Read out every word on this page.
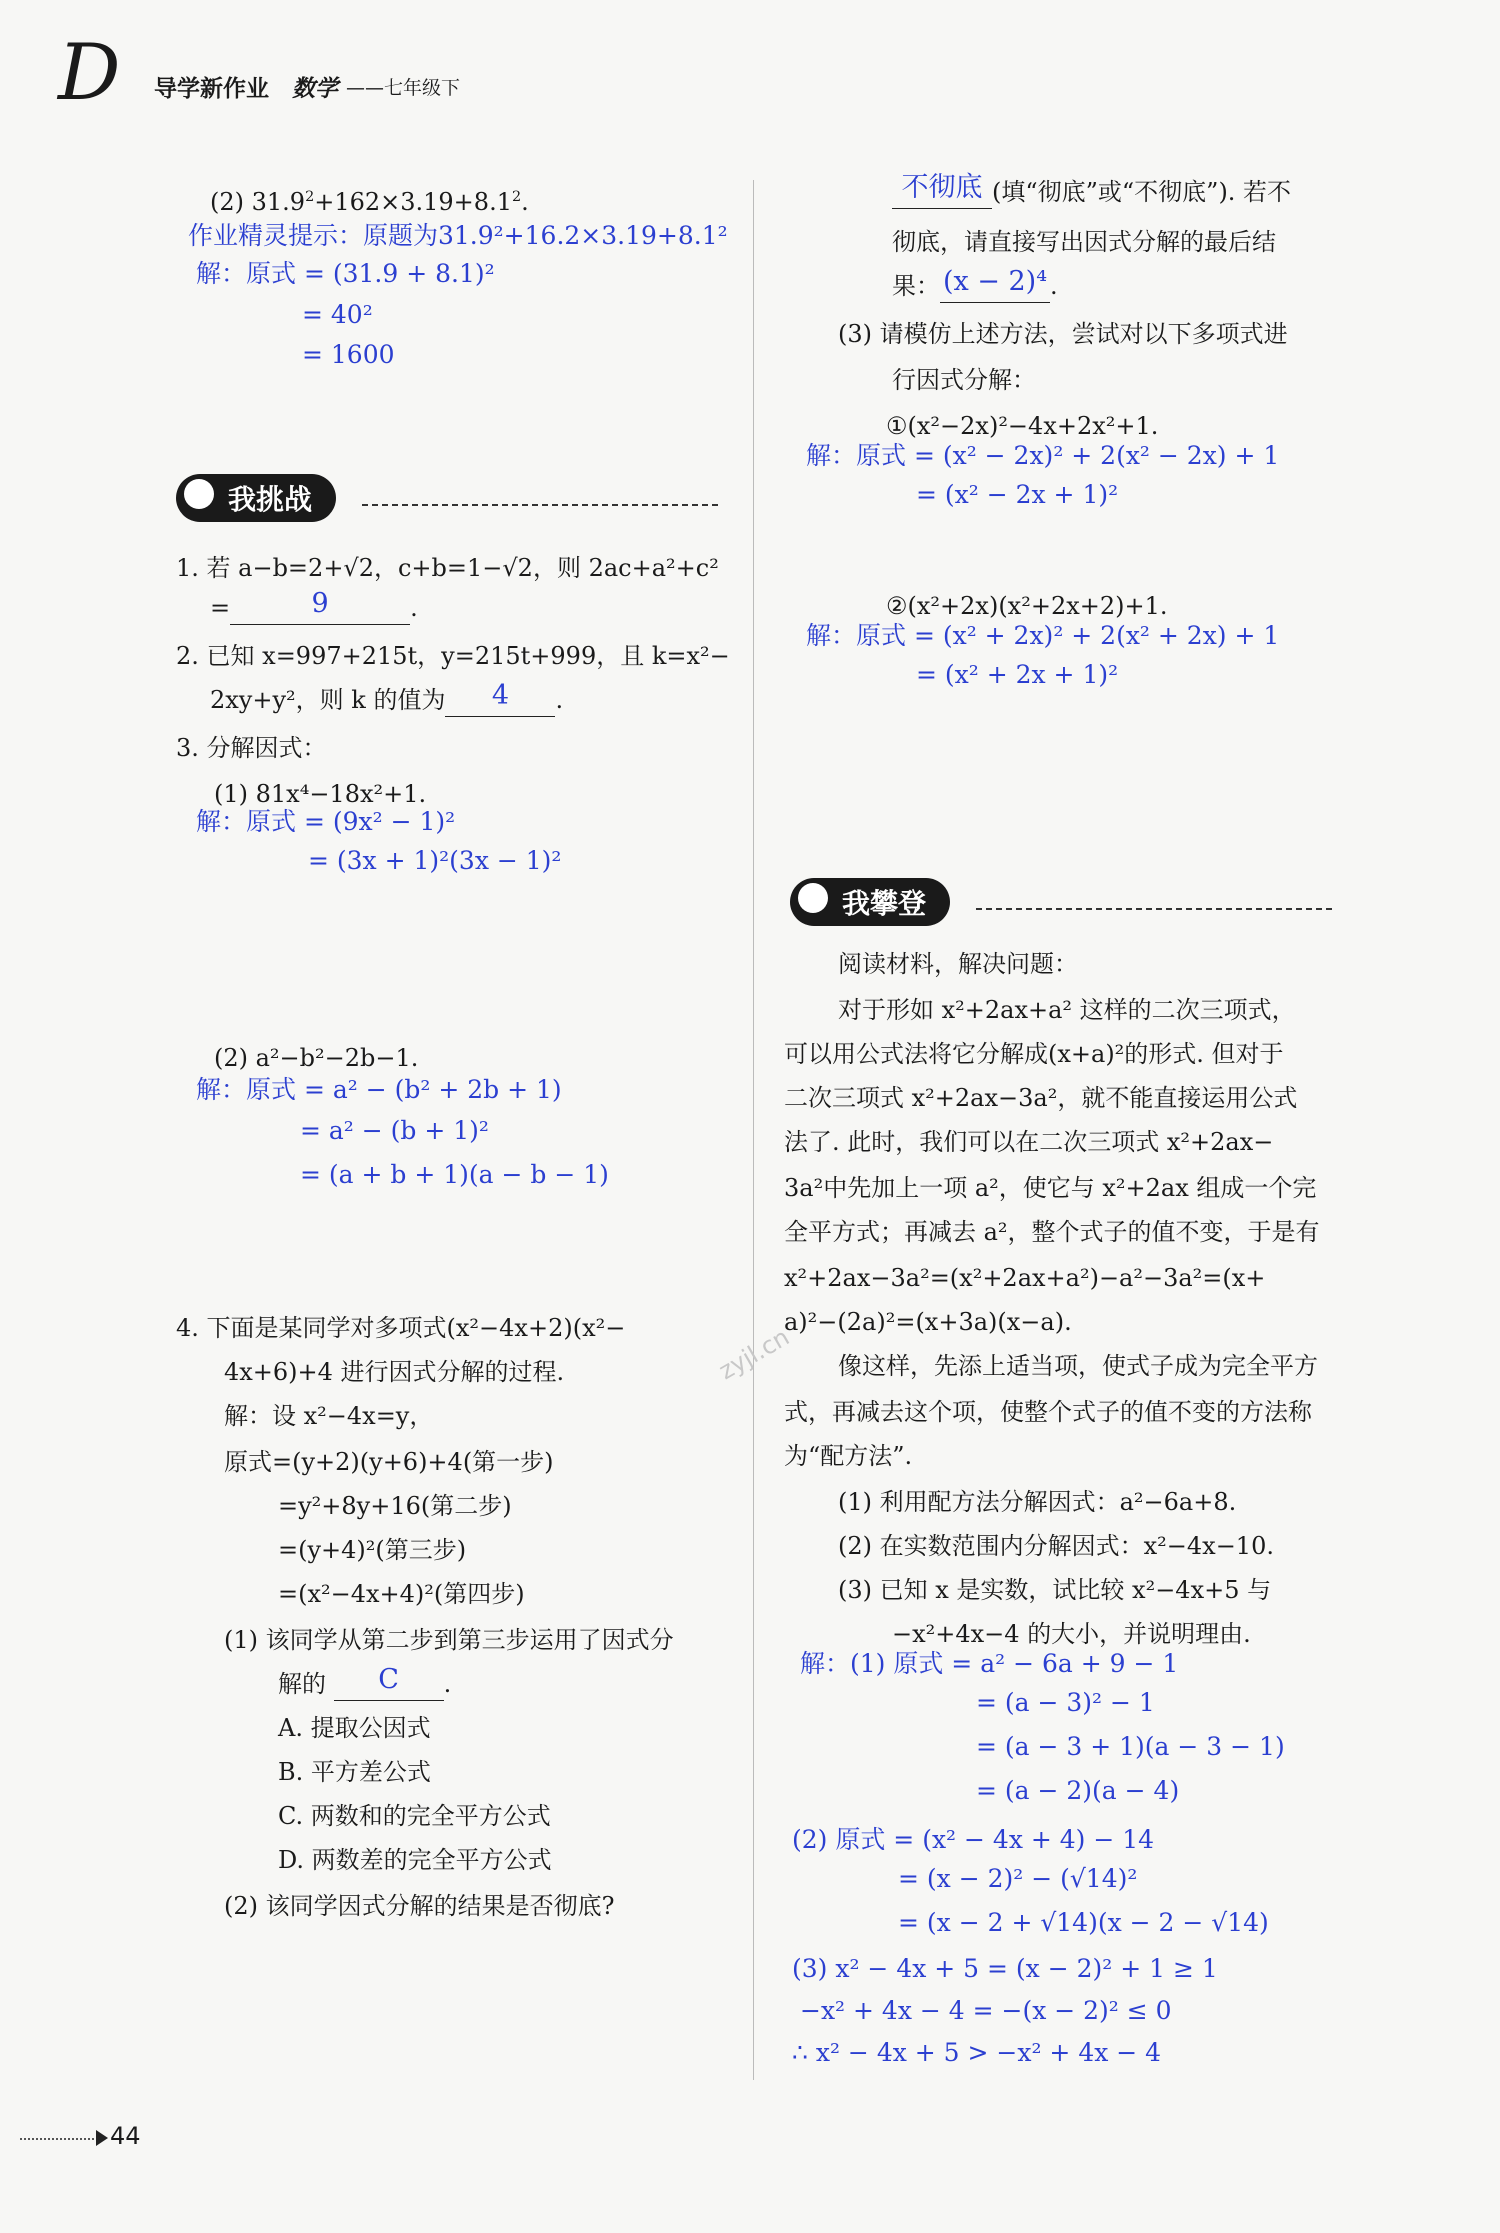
D 导学新作业 数学 ——七年级下
(2) $31.9^2+162\times 3.19+8.1^2$.
作业精灵提示：原题为31.9²+16.2×3.19+8.1²
解：原式 = (31.9 + 8.1)²
= 40²
= 1600
我挑战
1. 若 a−b=2+√2，c+b=1−√2，则 2ac+a²+c²
=	9	.
2. 已知 x=997+215t，y=215t+999，且 k=x²−
2xy+y²，则 k 的值为 4 .
3. 分解因式：
(1) 81x⁴−18x²+1.
解：原式 = (9x² − 1)²
= (3x + 1)²(3x − 1)²
(2) a²−b²−2b−1.
解：原式 = a² − (b² + 2b + 1)
= a² − (b + 1)²
= (a + b + 1)(a − b − 1)
4. 下面是某同学对多项式(x²−4x+2)(x²−
4x+6)+4 进行因式分解的过程.
解：设 x²−4x=y，
原式=(y+2)(y+6)+4(第一步)
=y²+8y+16(第二步)
=(y+4)²(第三步)
=(x²−4x+4)²(第四步)
(1) 该同学从第二步到第三步运用了因式分
解的 C .
A. 提取公因式
B. 平方差公式
C. 两数和的完全平方公式
D. 两数差的完全平方公式
(2) 该同学因式分解的结果是否彻底?
zyjl.cn
不彻底 (填“彻底”或“不彻底”). 若不
彻底，请直接写出因式分解的最后结
果： (x − 2)⁴ .
(3) 请模仿上述方法，尝试对以下多项式进
行因式分解：
①(x²−2x)²−4x+2x²+1.
解：原式 = (x² − 2x)² + 2(x² − 2x) + 1
= (x² − 2x + 1)²
②(x²+2x)(x²+2x+2)+1.
解：原式 = (x² + 2x)² + 2(x² + 2x) + 1
= (x² + 2x + 1)²
我攀登
阅读材料，解决问题：
对于形如 x²+2ax+a² 这样的二次三项式，
可以用公式法将它分解成(x+a)²的形式. 但对于
二次三项式 x²+2ax−3a²，就不能直接运用公式
法了. 此时，我们可以在二次三项式 x²+2ax−
3a²中先加上一项 a²，使它与 x²+2ax 组成一个完
全平方式；再减去 a²，整个式子的值不变，于是有
x²+2ax−3a²=(x²+2ax+a²)−a²−3a²=(x+
a)²−(2a)²=(x+3a)(x−a).
像这样，先添上适当项，使式子成为完全平方
式，再减去这个项，使整个式子的值不变的方法称
为“配方法”.
(1) 利用配方法分解因式：a²−6a+8.
(2) 在实数范围内分解因式：x²−4x−10.
(3) 已知 x 是实数，试比较 x²−4x+5 与
−x²+4x−4 的大小，并说明理由.
解：(1) 原式 = a² − 6a + 9 − 1
= (a − 3)² − 1
= (a − 3 + 1)(a − 3 − 1)
= (a − 2)(a − 4)
(2) 原式 = (x² − 4x + 4) − 14
= (x − 2)² − (√14)²
= (x − 2 + √14)(x − 2 − √14)
(3) x² − 4x + 5 = (x − 2)² + 1 ≥ 1
−x² + 4x − 4 = −(x − 2)² ≤ 0
∴ x² − 4x + 5 > −x² + 4x − 4
44
